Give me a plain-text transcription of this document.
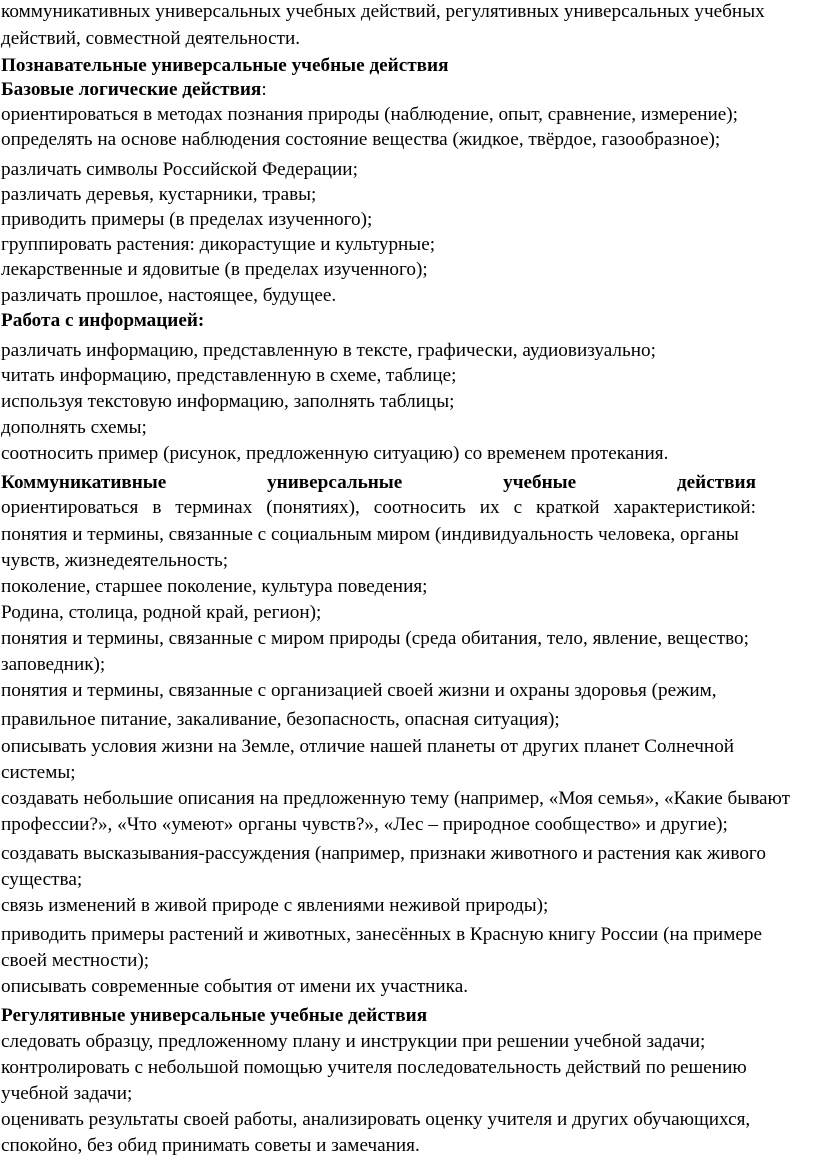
коммуникативных универсальных учебных действий, регулятивных универсальных учебных
действий, совместной деятельности.
Познавательные универсальные учебные действия
Базовые логические действия:
ориентироваться в методах познания природы (наблюдение, опыт, сравнение, измерение);
определять на основе наблюдения состояние вещества (жидкое, твёрдое, газообразное);
различать символы Российской Федерации;
различать деревья, кустарники, травы;
приводить примеры (в пределах изученного);
группировать растения: дикорастущие и культурные;
лекарственные и ядовитые (в пределах изученного);
различать прошлое, настоящее, будущее.
Работа с информацией:
различать информацию, представленную в тексте, графически, аудиовизуально;
читать информацию, представленную в схеме, таблице;
используя текстовую информацию, заполнять таблицы;
дополнять схемы;
соотносить пример (рисунок, предложенную ситуацию) со временем протекания.
Коммуникативные	универсальные	учебные	действия
ориентироваться в терминах (понятиях), соотносить их с краткой характеристикой:
понятия и термины, связанные с социальным миром (индивидуальность человека, органы
чувств, жизнедеятельность;
поколение, старшее поколение, культура поведения;
Родина, столица, родной край, регион);
понятия и термины, связанные с миром природы (среда обитания, тело, явление, вещество;
заповедник);
понятия и термины, связанные с организацией своей жизни и охраны здоровья (режим,
правильное питание, закаливание, безопасность, опасная ситуация);
описывать условия жизни на Земле, отличие нашей планеты от других планет Солнечной
системы;
создавать небольшие описания на предложенную тему (например, «Моя семья», «Какие бывают
профессии?», «Что «умеют» органы чувств?», «Лес – природное сообщество» и другие);
создавать высказывания-рассуждения (например, признаки животного и растения как живого
существа;
связь изменений в живой природе с явлениями неживой природы);
приводить примеры растений и животных, занесённых в Красную книгу России (на примере
своей местности);
описывать современные события от имени их участника.
Регулятивные универсальные учебные действия
следовать образцу, предложенному плану и инструкции при решении учебной задачи;
контролировать с небольшой помощью учителя последовательность действий по решению
учебной задачи;
оценивать результаты своей работы, анализировать оценку учителя и других обучающихся,
спокойно, без обид принимать советы и замечания.
